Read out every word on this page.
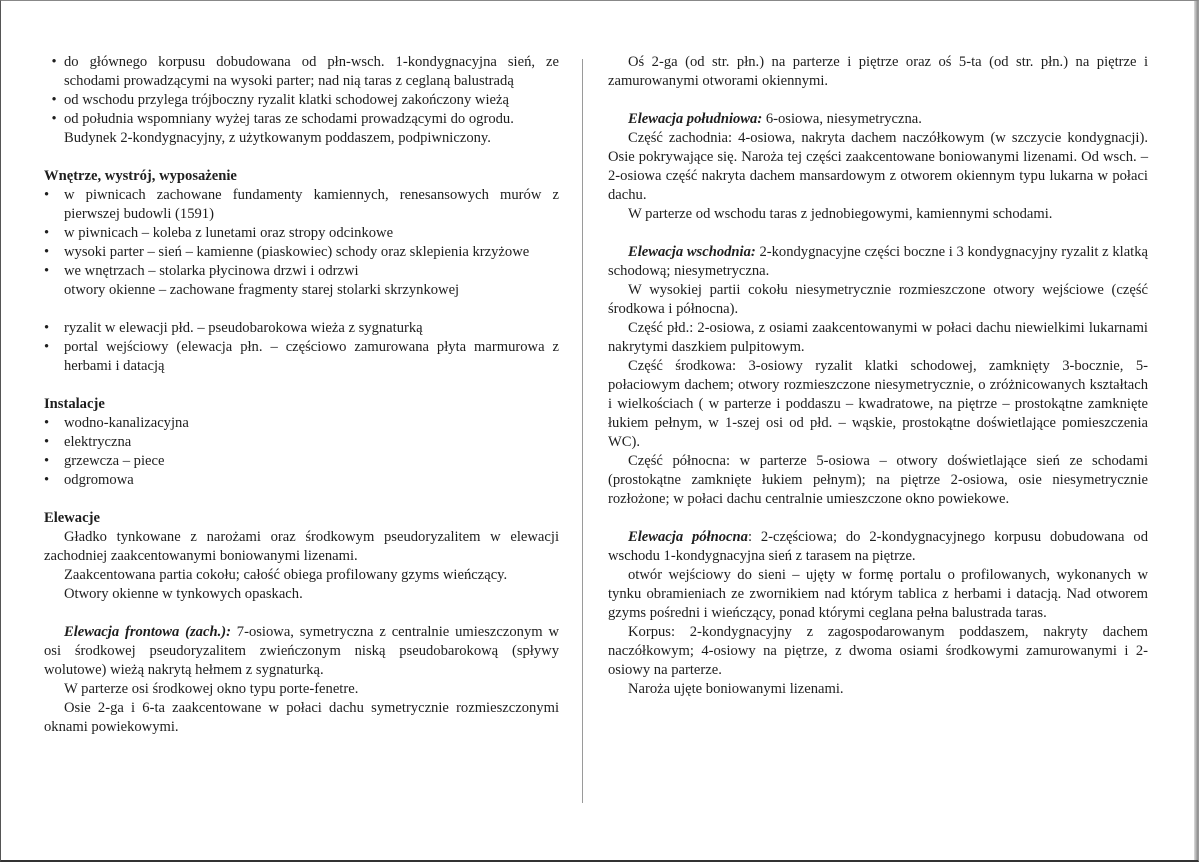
• do głównego korpusu dobudowana od płn-wsch. 1-kondygnacyjna sień, ze schodami prowadzącymi na wysoki parter; nad nią taras z ceglaną balustradą

• od wschodu przylega trójboczny ryzalit klatki schodowej zakończony wieżą

• od południa wspomniany wyżej taras ze schodami prowadzącymi do ogrodu.

Budynek 2-kondygnacyjny, z użytkowanym poddaszem, podpiwniczony.

Wnętrze, wystrój, wyposażenie

• w piwnicach zachowane fundamenty kamiennych, renesansowych murów z pierwszej budowli (1591)

• w piwnicach – koleba z lunetami oraz stropy odcinkowe

• wysoki parter – sień – kamienne (piaskowiec) schody oraz sklepienia krzyżowe

• we wnętrzach – stolarka płycinowa drzwi i odrzwi

otwory okienne – zachowane fragmenty starej stolarki skrzynkowej

• ryzalit w elewacji płd. – pseudobarokowa wieża z sygnaturką

• portal wejściowy (elewacja płn. – częściowo zamurowana płyta marmurowa z herbami i datacją

Instalacje

• wodno-kanalizacyjna

• elektryczna

• grzewcza – piece

• odgromowa

Elewacje

Gładko tynkowane z narożami oraz środkowym pseudoryzalitem w elewacji zachodniej zaakcentowanymi boniowanymi lizenami.

Zaakcentowana partia cokołu; całość obiega profilowany gzyms wieńczący.

Otwory okienne w tynkowych opaskach.

Elewacja frontowa (zach.): 7-osiowa, symetryczna z centralnie umieszczonym w osi środkowej pseudoryzalitem zwieńczonym niską pseudobarokową (spływy wolutowe) wieżą nakrytą hełmem z sygnaturką.

W parterze osi środkowej okno typu porte-fenetre.

Osie 2-ga i 6-ta zaakcentowane w połaci dachu symetrycznie rozmieszczonymi oknami powiekowymi.

Oś 2-ga (od str. płn.) na parterze i piętrze oraz oś 5-ta (od str. płn.) na piętrze i zamurowanymi otworami okiennymi.

Elewacja południowa: 6-osiowa, niesymetryczna.

Część zachodnia: 4-osiowa, nakryta dachem naczółkowym (w szczycie kondygnacji). Osie pokrywające się. Naroża tej części zaakcentowane boniowanymi lizenami. Od wsch. – 2-osiowa część nakryta dachem mansardowym z otworem okiennym typu lukarna w połaci dachu.

W parterze od wschodu taras z jednobiegowymi, kamiennymi schodami.

Elewacja wschodnia: 2-kondygnacyjne części boczne i 3 kondygnacyjny ryzalit z klatką schodową; niesymetryczna.

W wysokiej partii cokołu niesymetrycznie rozmieszczone otwory wejściowe (część środkowa i północna).

Część płd.: 2-osiowa, z osiami zaakcentowanymi w połaci dachu niewielkimi lukarnami nakrytymi daszkiem pulpitowym.

Część środkowa: 3-osiowy ryzalit klatki schodowej, zamknięty 3-bocznie, 5-połaciowym dachem; otwory rozmieszczone niesymetrycznie, o zróżnicowanych kształtach i wielkościach ( w parterze i poddaszu – kwadratowe, na piętrze – prostokątne zamknięte łukiem pełnym, w 1-szej osi od płd. – wąskie, prostokątne doświetlające pomieszczenia WC).

Część północna: w parterze 5-osiowa – otwory doświetlające sień ze schodami (prostokątne zamknięte łukiem pełnym); na piętrze 2-osiowa, osie niesymetrycznie rozłożone; w połaci dachu centralnie umieszczone okno powiekowe.

Elewacja północna: 2-częściowa; do 2-kondygnacyjnego korpusu dobudowana od wschodu 1-kondygnacyjna sień z tarasem na piętrze.

otwór wejściowy do sieni – ujęty w formę portalu o profilowanych, wykonanych w tynku obramieniach ze zwornikiem nad którym tablica z herbami i datacją. Nad otworem gzyms pośredni i wieńczący, ponad którymi ceglana pełna balustrada taras.

Korpus: 2-kondygnacyjny z zagospodarowanym poddaszem, nakryty dachem naczółkowym; 4-osiowy na piętrze, z dwoma osiami środkowymi zamurowanymi i 2-osiowy na parterze.

Naroża ujęte boniowanymi lizenami.
